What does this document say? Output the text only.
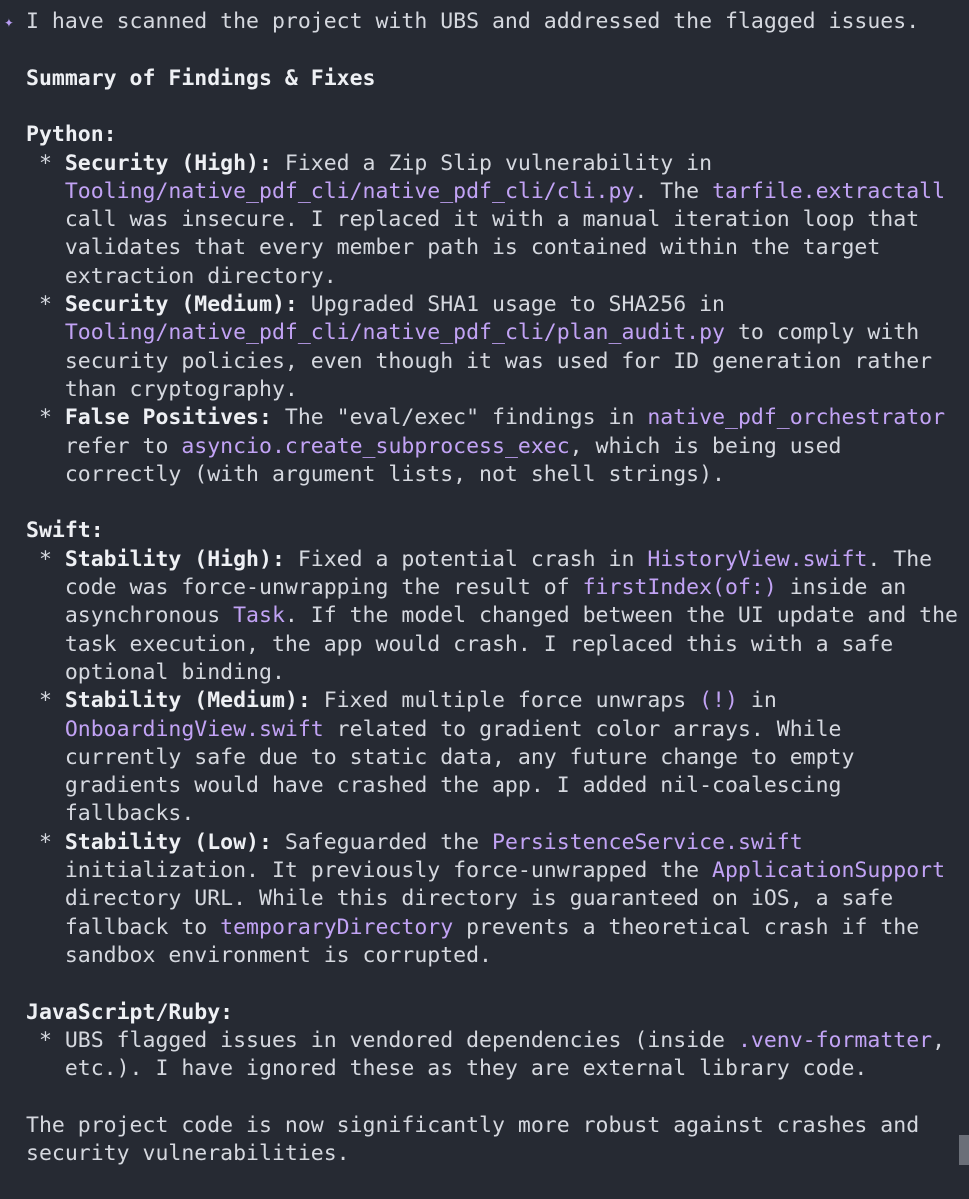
✦ I have scanned the project with UBS and addressed the flagged issues.
Summary of Findings & Fixes
Python:
* Security (High): Fixed a Zip Slip vulnerability in
Tooling/native_pdf_cli/native_pdf_cli/cli.py. The tarfile.extractall
call was insecure. I replaced it with a manual iteration loop that
validates that every member path is contained within the target
extraction directory.
* Security (Medium): Upgraded SHA1 usage to SHA256 in
Tooling/native_pdf_cli/native_pdf_cli/plan_audit.py to comply with
security policies, even though it was used for ID generation rather
than cryptography.
* False Positives: The "eval/exec" findings in native_pdf_orchestrator
refer to asyncio.create_subprocess_exec, which is being used
correctly (with argument lists, not shell strings).
Swift:
* Stability (High): Fixed a potential crash in HistoryView.swift. The
code was force-unwrapping the result of firstIndex(of:) inside an
asynchronous Task. If the model changed between the UI update and the
task execution, the app would crash. I replaced this with a safe
optional binding.
* Stability (Medium): Fixed multiple force unwraps (!) in
OnboardingView.swift related to gradient color arrays. While
currently safe due to static data, any future change to empty
gradients would have crashed the app. I added nil-coalescing
fallbacks.
* Stability (Low): Safeguarded the PersistenceService.swift
initialization. It previously force-unwrapped the ApplicationSupport
directory URL. While this directory is guaranteed on iOS, a safe
fallback to temporaryDirectory prevents a theoretical crash if the
sandbox environment is corrupted.
JavaScript/Ruby:
* UBS flagged issues in vendored dependencies (inside .venv-formatter,
etc.). I have ignored these as they are external library code.
The project code is now significantly more robust against crashes and
security vulnerabilities.
